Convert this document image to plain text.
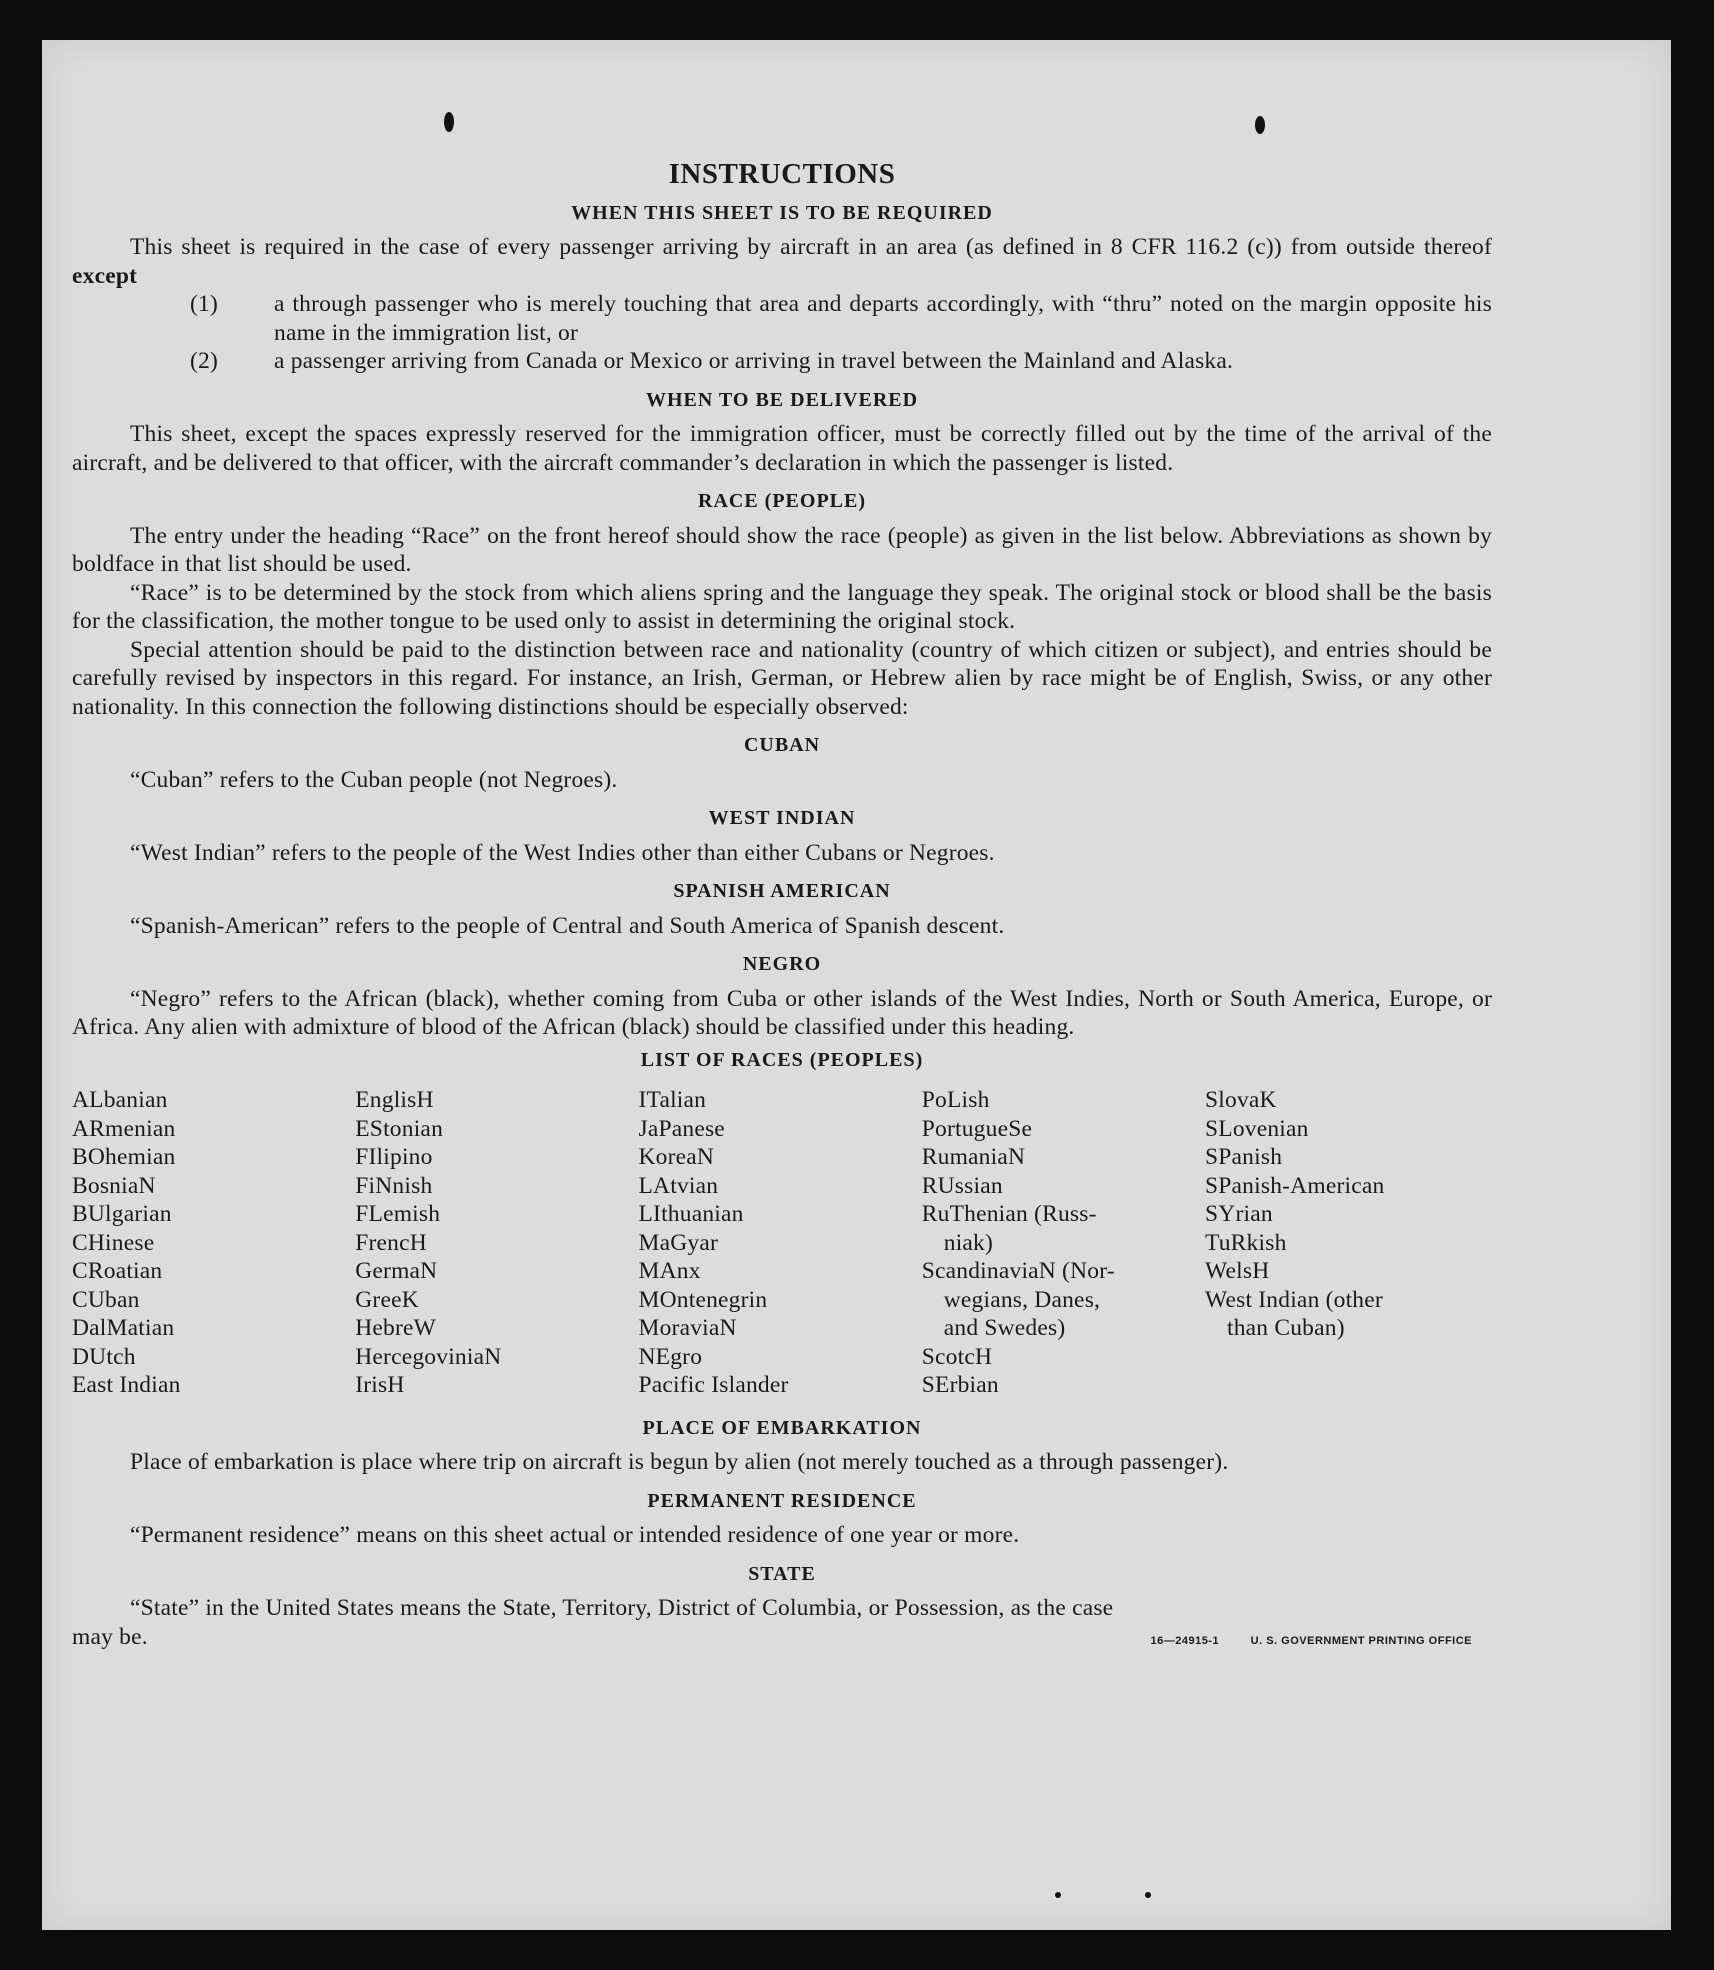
INSTRUCTIONS
WHEN THIS SHEET IS TO BE REQUIRED

This sheet is required in the case of every passenger arriving by aircraft in an area (as defined in 8 CFR 116.2 (c)) from outside thereof except

(1) a through passenger who is merely touching that area and departs accordingly, with “thru” noted on the margin opposite his name in the immigration list, or
(2) a passenger arriving from Canada or Mexico or arriving in travel between the Mainland and Alaska.
WHEN TO BE DELIVERED

This sheet, except the spaces expressly reserved for the immigration officer, must be correctly filled out by the time of the arrival of the aircraft, and be delivered to that officer, with the aircraft commander’s declaration in which the passenger is listed.

RACE (PEOPLE)

The entry under the heading “Race” on the front hereof should show the race (people) as given in the list below. Abbreviations as shown by boldface in that list should be used.

“Race” is to be determined by the stock from which aliens spring and the language they speak. The original stock or blood shall be the basis for the classification, the mother tongue to be used only to assist in determining the original stock.

Special attention should be paid to the distinction between race and nationality (country of which citizen or subject), and entries should be carefully revised by inspectors in this regard. For instance, an Irish, German, or Hebrew alien by race might be of English, Swiss, or any other nationality. In this connection the following distinctions should be especially observed:

CUBAN

“Cuban” refers to the Cuban people (not Negroes).

WEST INDIAN

“West Indian” refers to the people of the West Indies other than either Cubans or Negroes.

SPANISH AMERICAN

“Spanish-American” refers to the people of Central and South America of Spanish descent.

NEGRO

“Negro” refers to the African (black), whether coming from Cuba or other islands of the West Indies, North or South America, Europe, or Africa. Any alien with admixture of blood of the African (black) should be classified under this heading.

LIST OF RACES (PEOPLES)
ALbanian
ARmenian
BOhemian
BosniaN
BUlgarian
CHinese
CRoatian
CUban
DalMatian
DUtch
East Indian
EnglisH
EStonian
FIlipino
FiNnish
FLemish
FrencH
GermaN
GreeK
HebreW
HercegoviniaN
IrisH
ITalian
JaPanese
KoreaN
LAtvian
LIthuanian
MaGyar
MAnx
MOntenegrin
MoraviaN
NEgro
Pacific Islander
PoLish
PortugueSe
RumaniaN
RUssian
RuThenian (Russ-
niak)
ScandinaviaN (Nor-
wegians, Danes,
and Swedes)
ScotcH
SErbian
SlovaK
SLovenian
SPanish
SPanish-American
SYrian
TuRkish
WelsH
West Indian (other
than Cuban)
PLACE OF EMBARKATION

Place of embarkation is place where trip on aircraft is begun by alien (not merely touched as a through passenger).

PERMANENT RESIDENCE

“Permanent residence” means on this sheet actual or intended residence of one year or more.

STATE

“State” in the United States means the State, Territory, District of Columbia, or Possession, as the case

may be.	16—24915-1	U. S. GOVERNMENT PRINTING OFFICE
